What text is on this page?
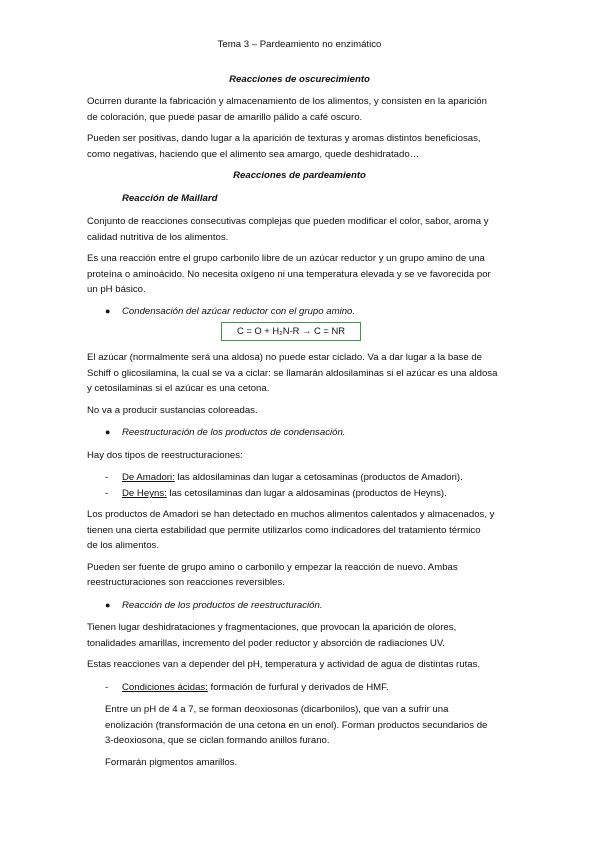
Tema 3 – Pardeamiento no enzimático

Reacciones de oscurecimiento

Ocurren durante la fabricación y almacenamiento de los alimentos, y consisten en la aparición

de coloración, que puede pasar de amarillo pálido a café oscuro.

Pueden ser positivas, dando lugar a la aparición de texturas y aromas distintos beneficiosas,

como negativas, haciendo que el alimento sea amargo, quede deshidratado…

Reacciones de pardeamiento

Reacción de Maillard

Conjunto de reacciones consecutivas complejas que pueden modificar el color, sabor, aroma y

calidad nutritiva de los alimentos.

Es una reacción entre el grupo carbonilo libre de un azúcar reductor y un grupo amino de una

proteína o aminoácido. No necesita oxígeno ni una temperatura elevada y se ve favorecida por

un pH básico.

● Condensación del azúcar reductor con el grupo amino.

C = O + H₂N-R → C = NR

El azúcar (normalmente será una aldosa) no puede estar ciclado. Va a dar lugar a la base de

Schiff o glicosilamina, la cual se va a ciclar: se llamarán aldosilaminas si el azúcar es una aldosa

y cetosilaminas si el azúcar es una cetona.

No va a producir sustancias coloreadas.

● Reestructuración de los productos de condensación.

Hay dos tipos de reestructuraciones:

- De Amadori: las aldosilaminas dan lugar a cetosaminas (productos de Amadori).

- De Heyns: las cetosilaminas dan lugar a aldosaminas (productos de Heyns).

Los productos de Amadori se han detectado en muchos alimentos calentados y almacenados, y

tienen una cierta estabilidad que permite utilizarlos como indicadores del tratamiento térmico

de los alimentos.

Pueden ser fuente de grupo amino o carbonilo y empezar la reacción de nuevo. Ambas

reestructuraciones son reacciones reversibles.

● Reacción de los productos de reestructuración.

Tienen lugar deshidrataciones y fragmentaciones, que provocan la aparición de olores,

tonalidades amarillas, incremento del poder reductor y absorción de radiaciones UV.

Estas reacciones van a depender del pH, temperatura y actividad de agua de distintas rutas.

- Condiciones ácidas: formación de furfural y derivados de HMF.

Entre un pH de 4 a 7, se forman deoxiosonas (dicarbonilos), que van a sufrir una

enolización (transformación de una cetona en un enol). Forman productos secundarios de

3-deoxiosona, que se ciclan formando anillos furano.

Formarán pigmentos amarillos.
